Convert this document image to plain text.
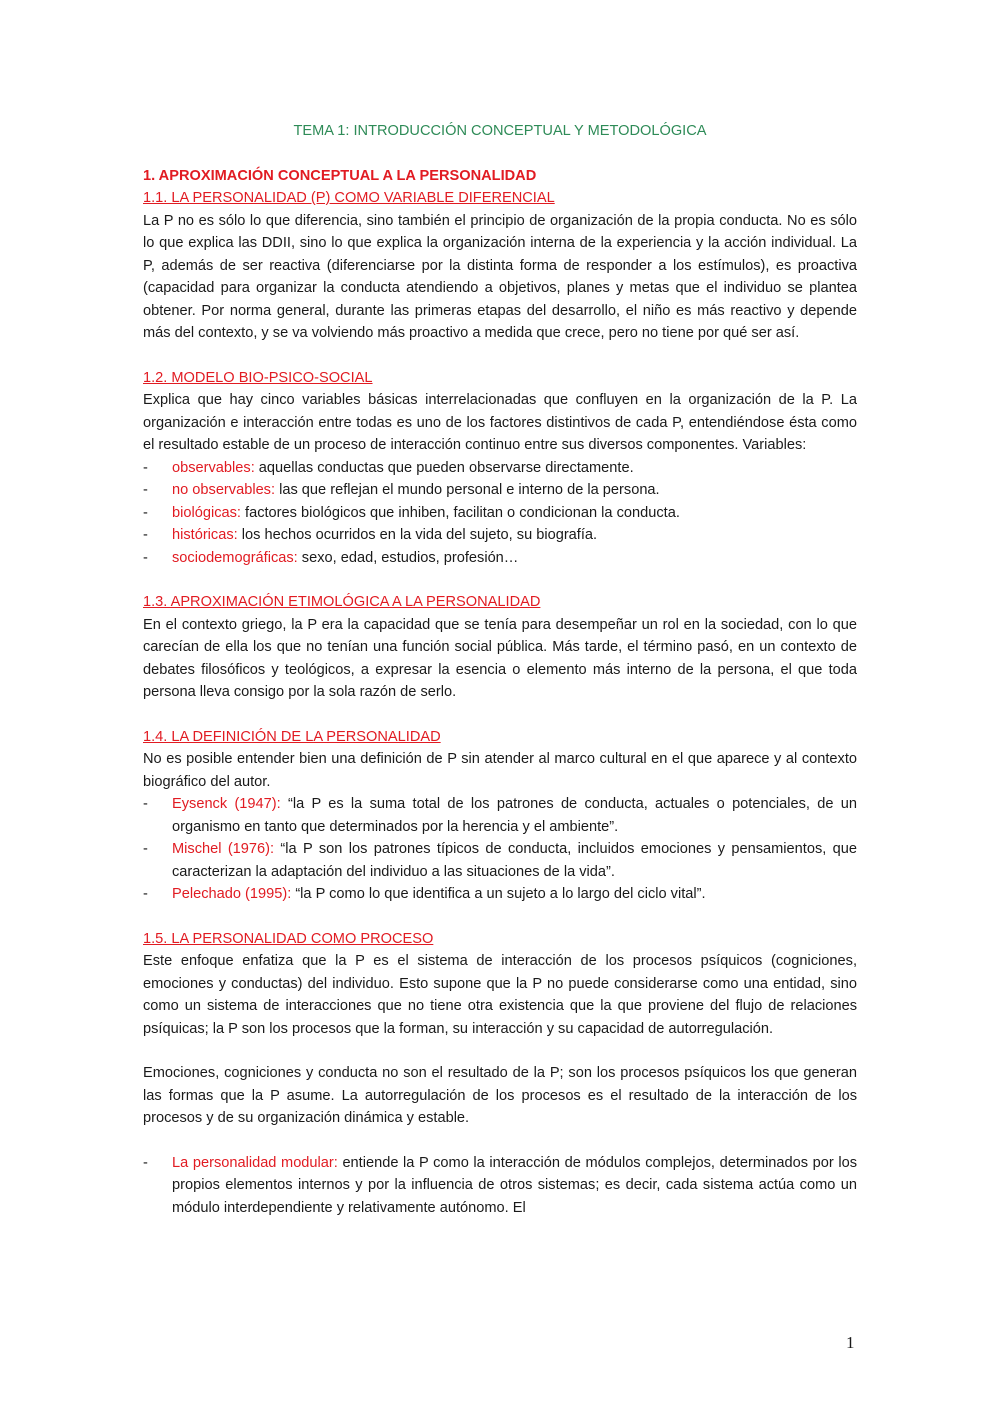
TEMA 1: INTRODUCCIÓN CONCEPTUAL Y METODOLÓGICA
1. APROXIMACIÓN CONCEPTUAL A LA PERSONALIDAD
1.1. LA PERSONALIDAD (P) COMO VARIABLE DIFERENCIAL

La P no es sólo lo que diferencia, sino también el principio de organización de la propia conducta. No es sólo lo que explica las DDII, sino lo que explica la organización interna de la experiencia y la acción individual. La P, además de ser reactiva (diferenciarse por la distinta forma de responder a los estímulos), es proactiva (capacidad para organizar la conducta atendiendo a objetivos, planes y metas que el individuo se plantea obtener. Por norma general, durante las primeras etapas del desarrollo, el niño es más reactivo y depende más del contexto, y se va volviendo más proactivo a medida que crece, pero no tiene por qué ser así.

1.2. MODELO BIO-PSICO-SOCIAL

Explica que hay cinco variables básicas interrelacionadas que confluyen en la organización de la P. La organización e interacción entre todas es uno de los factores distintivos de cada P, entendiéndose ésta como el resultado estable de un proceso de interacción continuo entre sus diversos componentes. Variables:

- observables: aquellas conductas que pueden observarse directamente.
- no observables: las que reflejan el mundo personal e interno de la persona.
- biológicas: factores biológicos que inhiben, facilitan o condicionan la conducta.
- históricas: los hechos ocurridos en la vida del sujeto, su biografía.
- sociodemográficas: sexo, edad, estudios, profesión…
1.3. APROXIMACIÓN ETIMOLÓGICA A LA PERSONALIDAD

En el contexto griego, la P era la capacidad que se tenía para desempeñar un rol en la sociedad, con lo que carecían de ella los que no tenían una función social pública. Más tarde, el término pasó, en un contexto de debates filosóficos y teológicos, a expresar la esencia o elemento más interno de la persona, el que toda persona lleva consigo por la sola razón de serlo.

1.4. LA DEFINICIÓN DE LA PERSONALIDAD

No es posible entender bien una definición de P sin atender al marco cultural en el que aparece y al contexto biográfico del autor.

- Eysenck (1947): “la P es la suma total de los patrones de conducta, actuales o potenciales, de un organismo en tanto que determinados por la herencia y el ambiente”.
- Mischel (1976): “la P son los patrones típicos de conducta, incluidos emociones y pensamientos, que caracterizan la adaptación del individuo a las situaciones de la vida”.
- Pelechado (1995): “la P como lo que identifica a un sujeto a lo largo del ciclo vital”.
1.5. LA PERSONALIDAD COMO PROCESO

Este enfoque enfatiza que la P es el sistema de interacción de los procesos psíquicos (cogniciones, emociones y conductas) del individuo. Esto supone que la P no puede considerarse como una entidad, sino como un sistema de interacciones que no tiene otra existencia que la que proviene del flujo de relaciones psíquicas; la P son los procesos que la forman, su interacción y su capacidad de autorregulación.

Emociones, cogniciones y conducta no son el resultado de la P; son los procesos psíquicos los que generan las formas que la P asume. La autorregulación de los procesos es el resultado de la interacción de los procesos y de su organización dinámica y estable.

- La personalidad modular: entiende la P como la interacción de módulos complejos, determinados por los propios elementos internos y por la influencia de otros sistemas; es decir, cada sistema actúa como un módulo interdependiente y relativamente autónomo. El
1
